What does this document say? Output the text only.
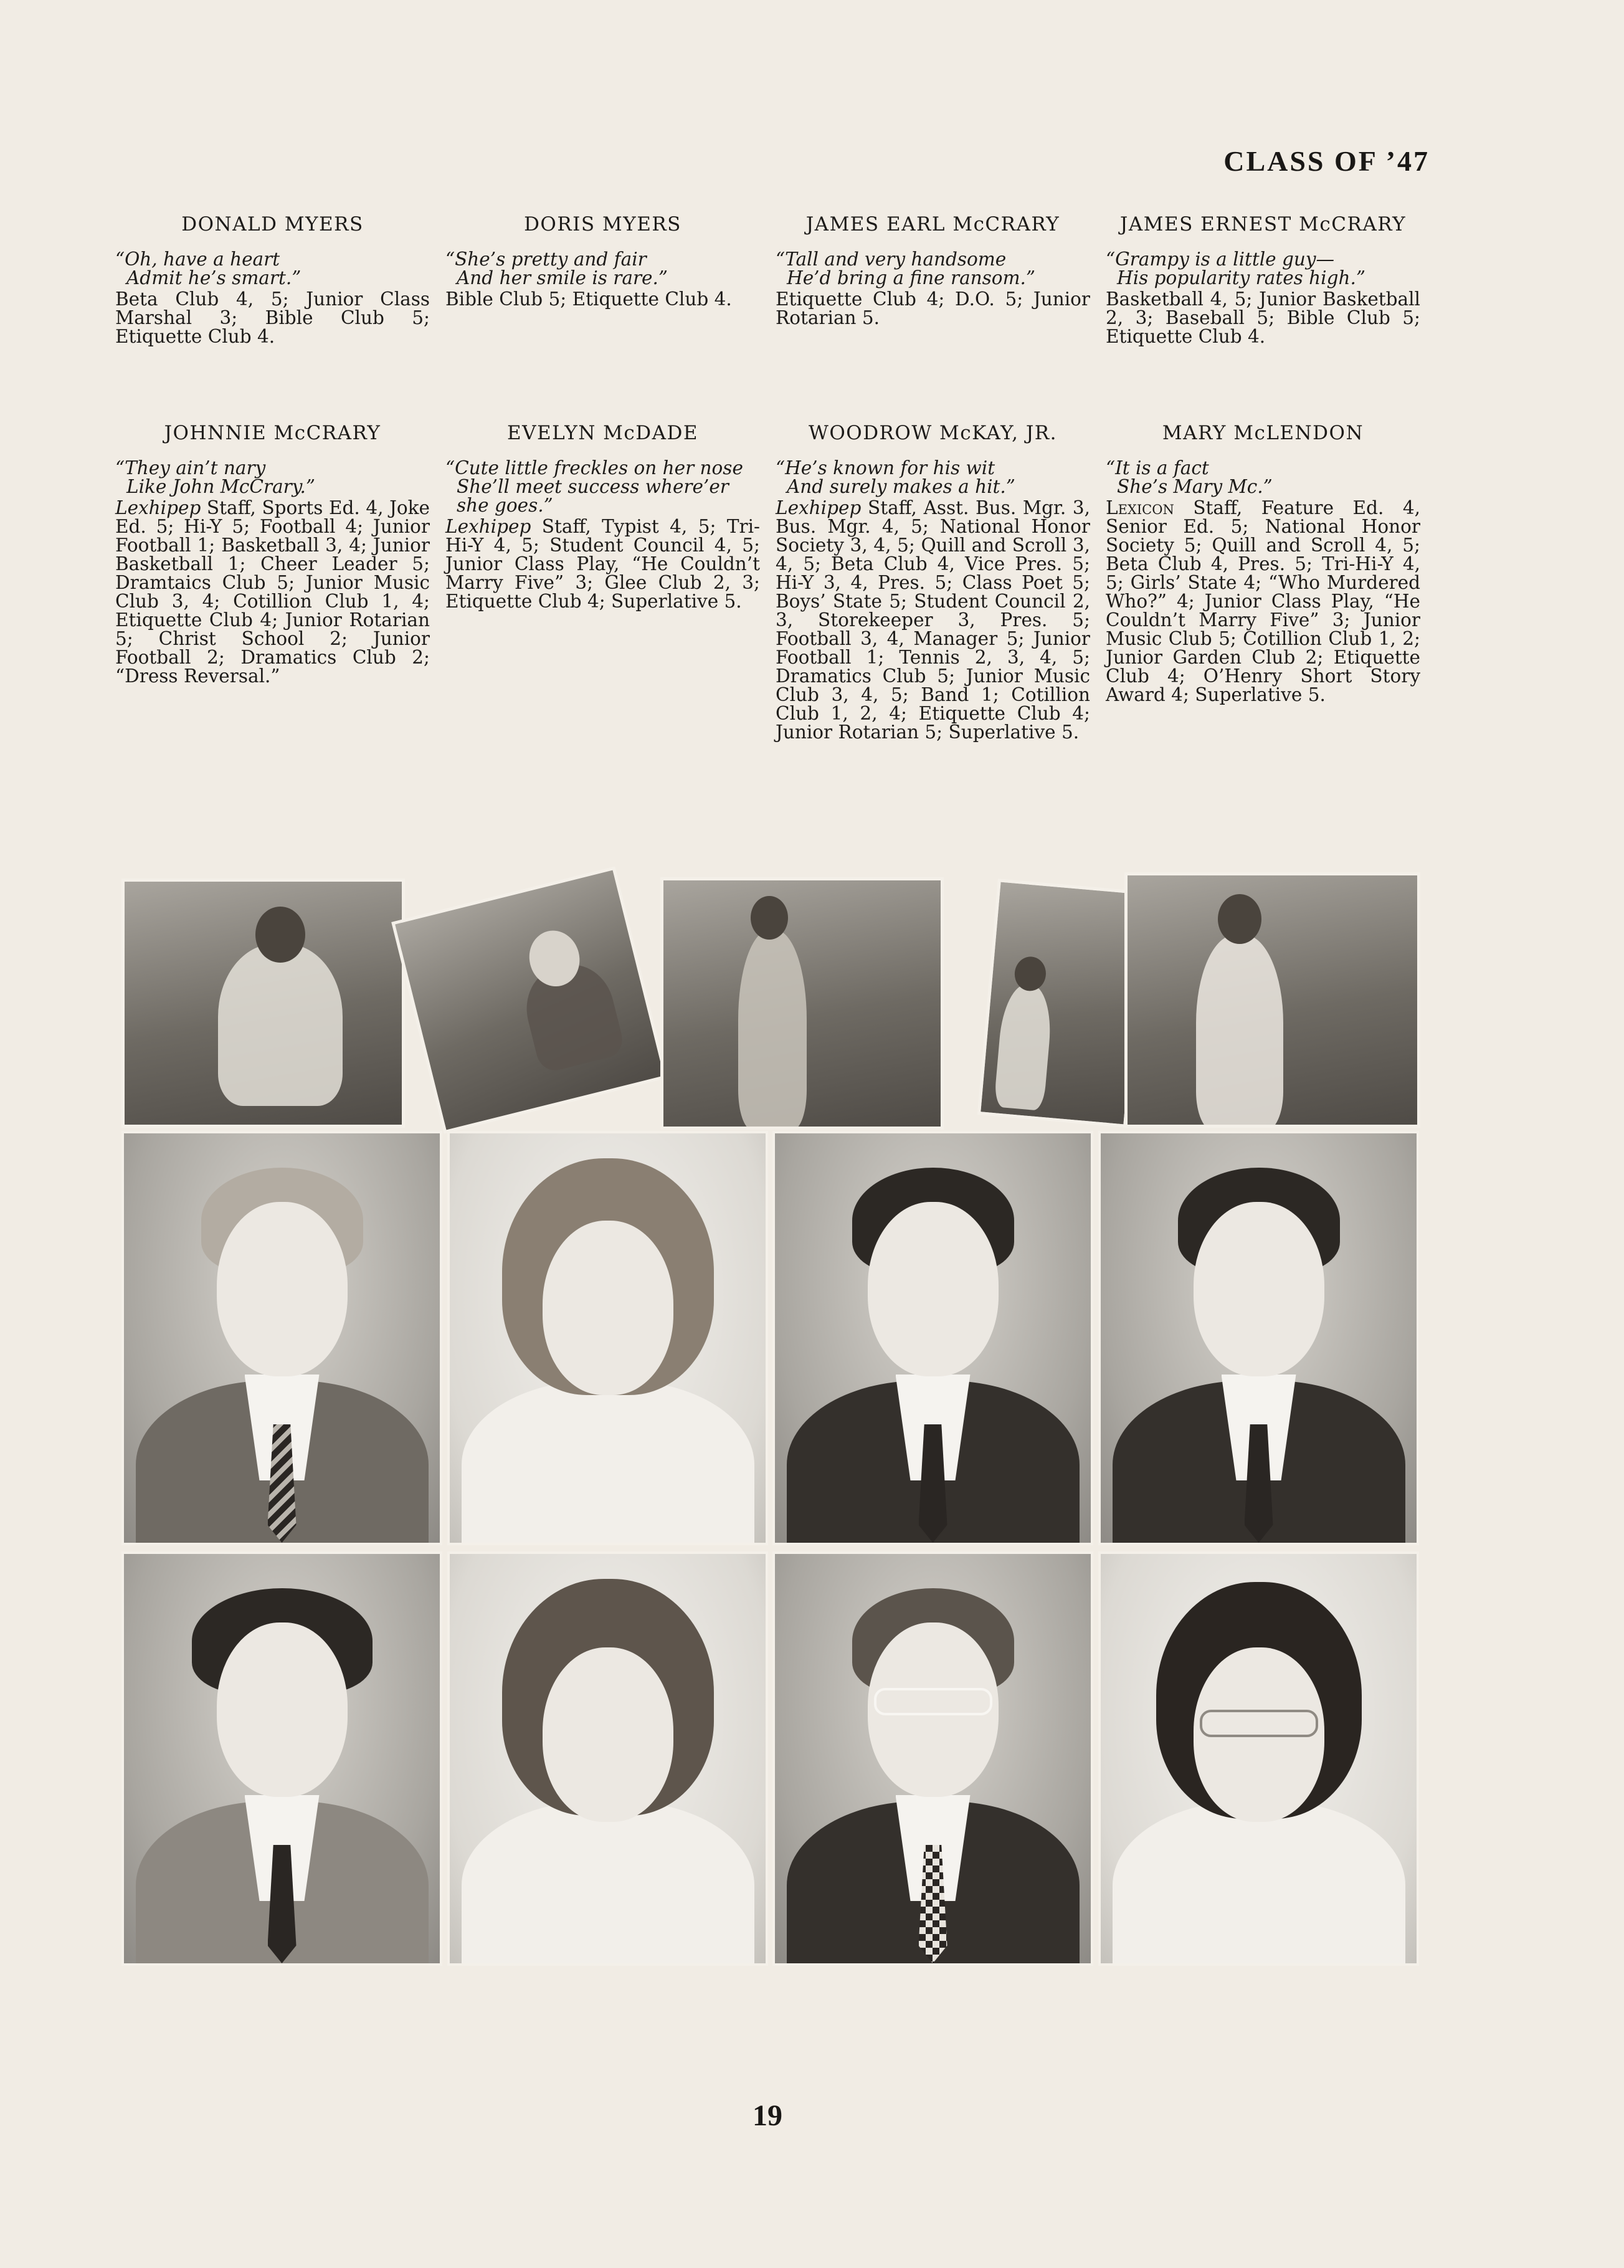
CLASS OF ’47
DONALD MYERS
“Oh, have a heart
Admit he’s smart.”
Beta Club 4, 5; Junior Class Marshal 3; Bible Club 5; Etiquette Club 4.
DORIS MYERS
“She’s pretty and fair
And her smile is rare.”
Bible Club 5; Etiquette Club 4.
JAMES EARL McCRARY
“Tall and very handsome
He’d bring a fine ransom.”
Etiquette Club 4; D.O. 5; Junior Rotarian 5.
JAMES ERNEST McCRARY
“Grampy is a little guy—
His popularity rates high.”
Basketball 4, 5; Junior Basketball 2, 3; Baseball 5; Bible Club 5; Etiquette Club 4.
JOHNNIE McCRARY
“They ain’t nary
Like John McCrary.”
Lexhipep Staff, Sports Ed. 4, Joke Ed. 5; Hi-Y 5; Football 4; Junior Football 1; Basketball 3, 4; Junior Basketball 1; Cheer Leader 5; Dramtaics Club 5; Junior Music Club 3, 4; Cotillion Club 1, 4; Etiquette Club 4; Junior Rotarian 5; Christ School 2; Junior Football 2; Dramatics Club 2; “Dress Reversal.”
EVELYN McDADE
“Cute little freckles on her nose
She’ll meet success where’er she goes.”
Lexhipep Staff, Typist 4, 5; Tri-Hi-Y 4, 5; Student Council 4, 5; Junior Class Play, “He Couldn’t Marry Five” 3; Glee Club 2, 3; Etiquette Club 4; Superlative 5.
WOODROW McKAY, JR.
“He’s known for his wit
And surely makes a hit.”
Lexhipep Staff, Asst. Bus. Mgr. 3, Bus. Mgr. 4, 5; National Honor Society 3, 4, 5; Quill and Scroll 3, 4, 5; Beta Club 4, Vice Pres. 5; Hi-Y 3, 4, Pres. 5; Class Poet 5; Boys’ State 5; Student Council 2, 3, Storekeeper 3, Pres. 5; Football 3, 4, Manager 5; Junior Football 1; Tennis 2, 3, 4, 5; Dramatics Club 5; Junior Music Club 3, 4, 5; Band 1; Cotillion Club 1, 2, 4; Etiquette Club 4; Junior Rotarian 5; Superlative 5.
MARY McLENDON
“It is a fact
She’s Mary Mc.”
Lexicon Staff, Feature Ed. 4, Senior Ed. 5; National Honor Society 5; Quill and Scroll 4, 5; Beta Club 4, Pres. 5; Tri-Hi-Y 4, 5; Girls’ State 4; “Who Murdered Who?” 4; Junior Class Play, “He Couldn’t Marry Five” 3; Junior Music Club 5; Cotillion Club 1, 2; Junior Garden Club 2; Etiquette Club 4; O’Henry Short Story Award 4; Superlative 5.
19
